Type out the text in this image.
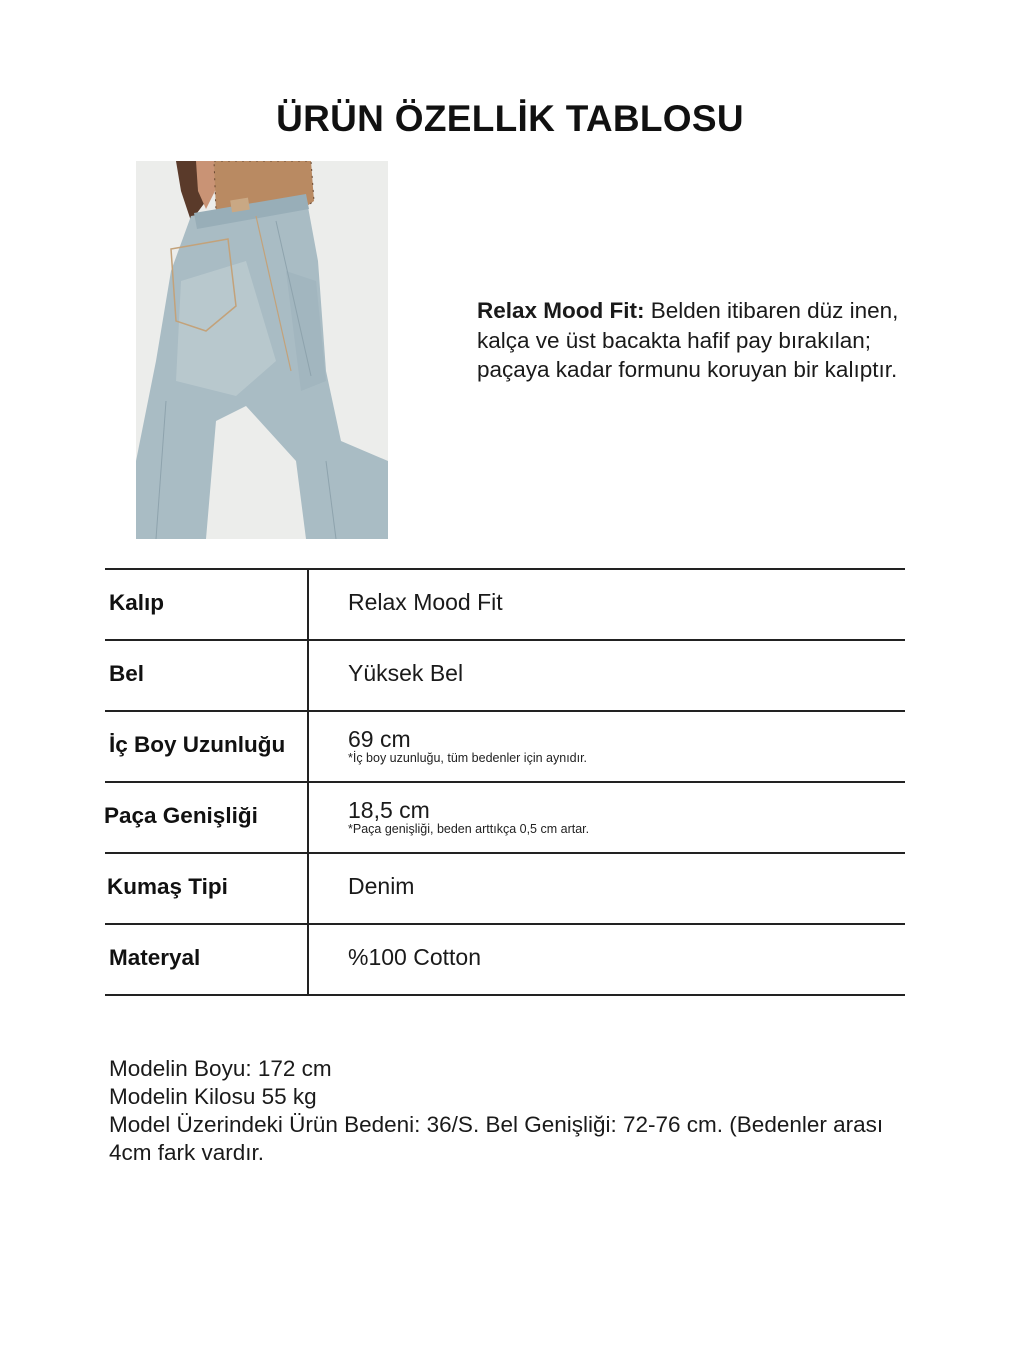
ÜRÜN ÖZELLİK TABLOSU
Relax Mood Fit: Belden itibaren düz inen, kalça ve üst bacakta hafif pay bırakılan; paçaya kadar formunu koruyan bir kalıptır.
Kalıp	Relax Mood Fit
Bel	Yüksek Bel
İç Boy Uzunluğu	69 cm
*İç boy uzunluğu, tüm bedenler için aynıdır.
Paça Genişliği	18,5 cm
*Paça genişliği, beden arttıkça 0,5 cm artar.
Kumaş Tipi	Denim
Materyal	%100 Cotton
Modelin Boyu: 172 cm
Modelin Kilosu 55 kg
Model Üzerindeki Ürün Bedeni: 36/S. Bel Genişliği: 72-76 cm. (Bedenler arası 4cm fark vardır.
